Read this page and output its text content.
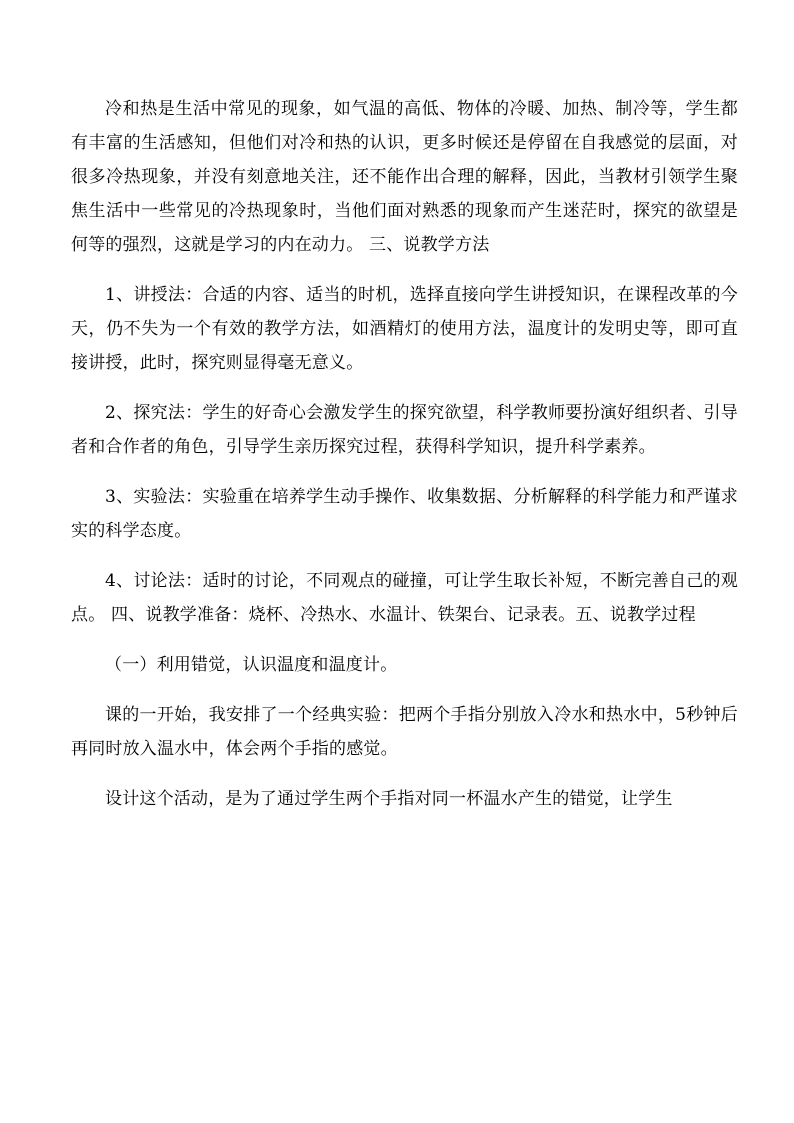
冷和热是生活中常见的现象，如气温的高低、物体的冷暖、加热、制冷等，学生都有丰富的生活感知，但他们对冷和热的认识，更多时候还是停留在自我感觉的层面，对很多冷热现象，并没有刻意地关注，还不能作出合理的解释，因此，当教材引领学生聚焦生活中一些常见的冷热现象时，当他们面对熟悉的现象而产生迷茫时，探究的欲望是何等的强烈，这就是学习的内在动力。 三、说教学方法

1、讲授法：合适的内容、适当的时机，选择直接向学生讲授知识，在课程改革的今天，仍不失为一个有效的教学方法，如酒精灯的使用方法，温度计的发明史等，即可直接讲授，此时，探究则显得毫无意义。

2、探究法：学生的好奇心会激发学生的探究欲望，科学教师要扮演好组织者、引导者和合作者的角色，引导学生亲历探究过程，获得科学知识，提升科学素养。

3、实验法：实验重在培养学生动手操作、收集数据、分析解释的科学能力和严谨求实的科学态度。

4、讨论法：适时的讨论，不同观点的碰撞，可让学生取长补短，不断完善自己的观点。 四、说教学准备：烧杯、冷热水、水温计、铁架台、记录表。五、说教学过程

（一）利用错觉，认识温度和温度计。

课的一开始，我安排了一个经典实验：把两个手指分别放入冷水和热水中，5秒钟后再同时放入温水中，体会两个手指的感觉。

设计这个活动，是为了通过学生两个手指对同一杯温水产生的错觉，让学生
